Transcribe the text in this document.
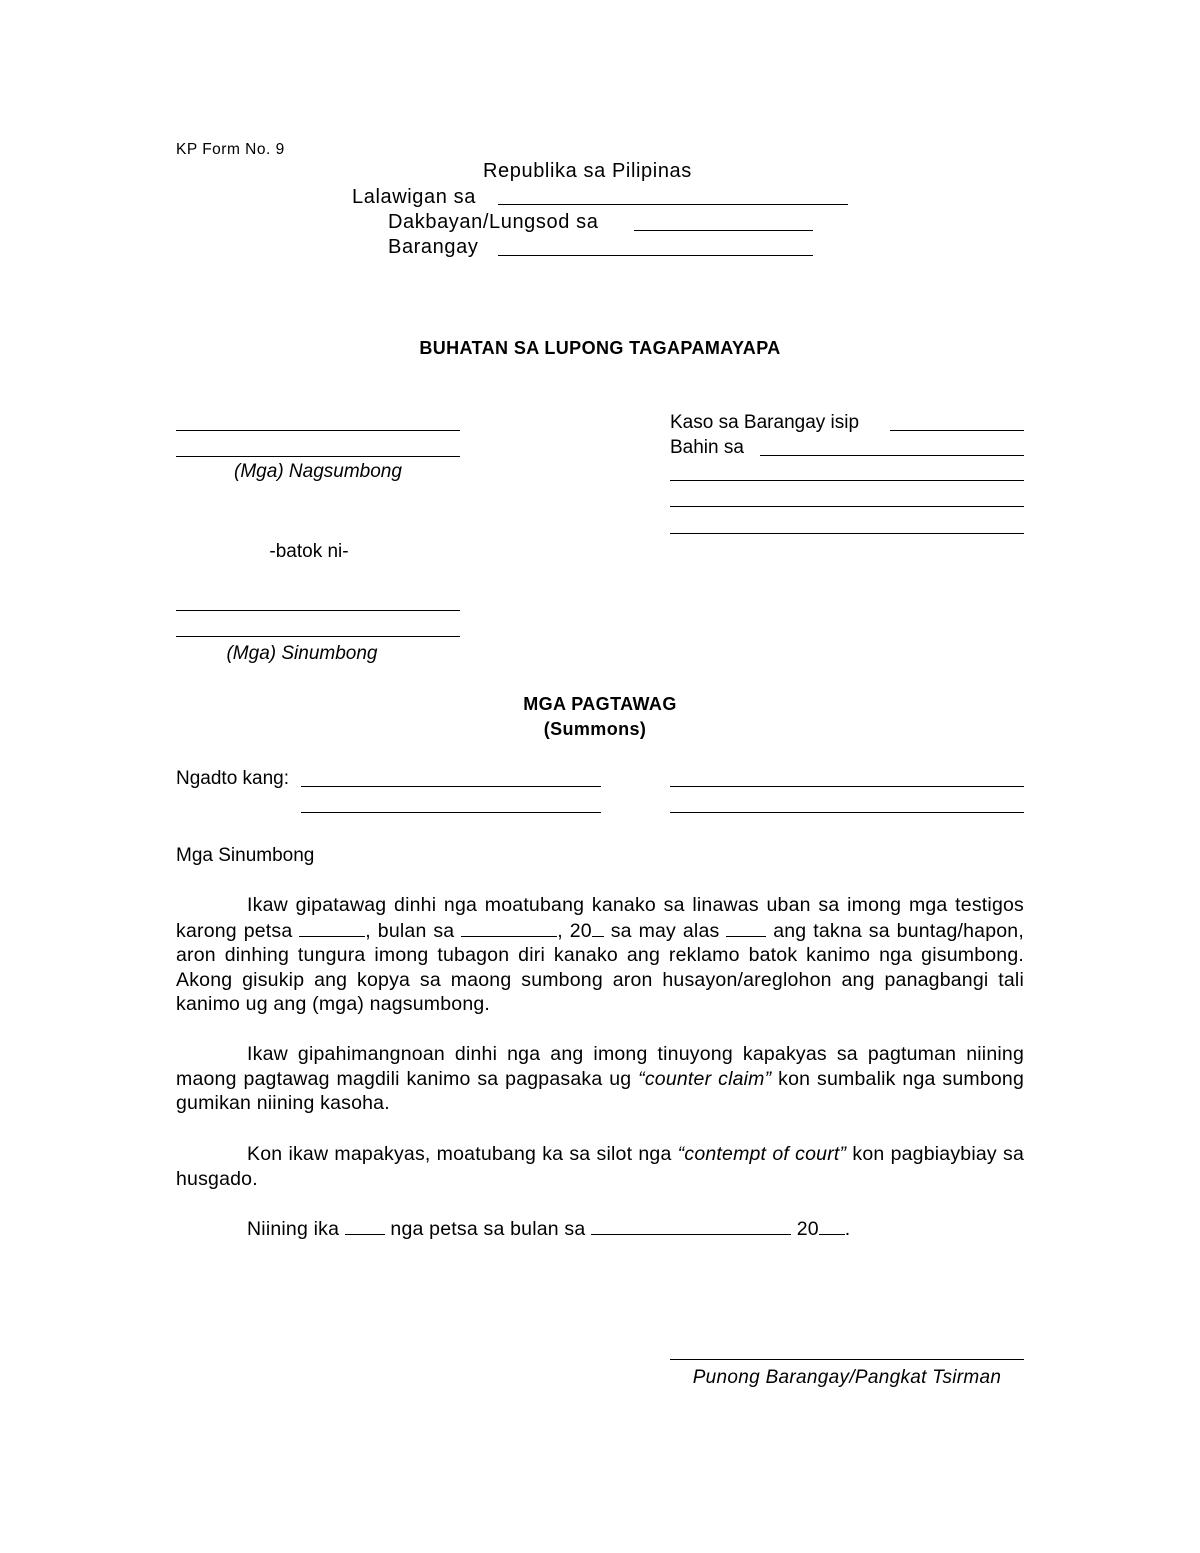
KP Form No. 9
Republika sa Pilipinas
Lalawigan sa
Dakbayan/Lungsod sa
Barangay
BUHATAN SA LUPONG TAGAPAMAYAPA
(Mga) Nagsumbong
-batok ni-
(Mga) Sinumbong
Kaso sa Barangay isip
Bahin sa
MGA PAGTAWAG
(Summons)
Ngadto kang:
Mga Sinumbong
Ikaw gipatawag dinhi nga moatubang kanako sa linawas uban sa imong mga testigos karong petsa	, bulan sa	, 20 sa may alas	ang takna sa buntag/hapon, aron dinhing tungura imong tubagon diri kanako ang reklamo batok kanimo nga gisumbong. Akong gisukip ang kopya sa maong sumbong aron husayon/areglohon ang panagbangi tali kanimo ug ang (mga) nagsumbong.
Ikaw gipahimangnoan dinhi nga ang imong tinuyong kapakyas sa pagtuman niining maong pagtawag magdili kanimo sa pagpasaka ug “counter claim” kon sumbalik nga sumbong gumikan niining kasoha.
Kon ikaw mapakyas, moatubang ka sa silot nga “contempt of court” kon pagbiaybiay sa husgado.
Niining ika	nga petsa sa bulan sa	20 .
Punong Barangay/Pangkat Tsirman
